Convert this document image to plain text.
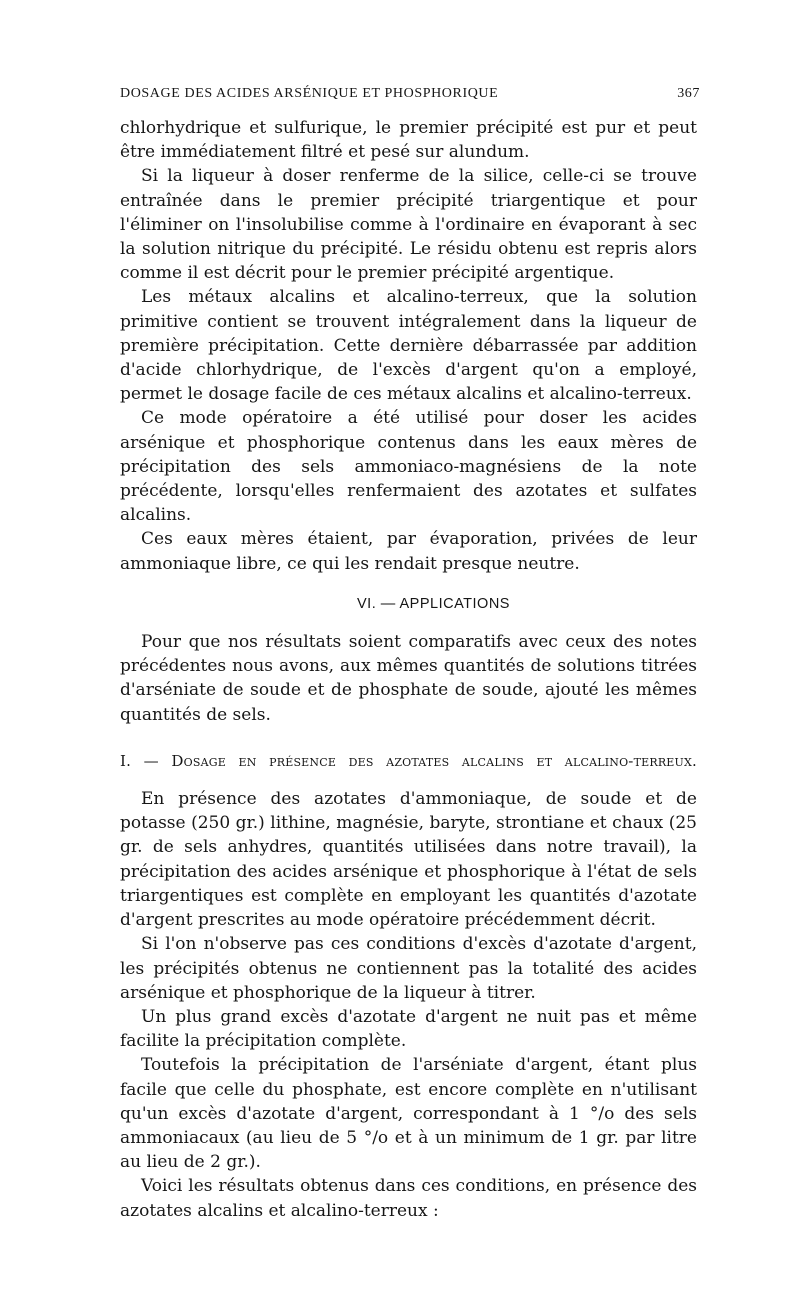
DOSAGE DES ACIDES ARSÉNIQUE ET PHOSPHORIQUE	367

chlorhydrique et sulfurique, le premier précipité est pur et peut être immédiatement filtré et pesé sur alundum.

Si la liqueur à doser renferme de la silice, celle-ci se trouve entraînée dans le premier précipité triargentique et pour l'éliminer on l'insolubilise comme à l'ordinaire en évaporant à sec la solution nitrique du précipité. Le résidu obtenu est repris alors comme il est décrit pour le premier précipité argentique.

Les métaux alcalins et alcalino-terreux, que la solution primitive contient se trouvent intégralement dans la liqueur de première précipitation. Cette dernière débarrassée par addition d'acide chlorhydrique, de l'excès d'argent qu'on a employé, permet le dosage facile de ces métaux alcalins et alcalino-terreux.

Ce mode opératoire a été utilisé pour doser les acides arsénique et phosphorique contenus dans les eaux mères de précipitation des sels ammoniaco-magnésiens de la note précédente, lorsqu'elles renfermaient des azotates et sulfates alcalins.

Ces eaux mères étaient, par évaporation, privées de leur ammoniaque libre, ce qui les rendait presque neutre.

VI. — APPLICATIONS

Pour que nos résultats soient comparatifs avec ceux des notes précédentes nous avons, aux mêmes quantités de solutions titrées d'arséniate de soude et de phosphate de soude, ajouté les mêmes quantités de sels.

I. — Dosage en présence des azotates alcalins et alcalino-terreux.

En présence des azotates d'ammoniaque, de soude et de potasse (250 gr.) lithine, magnésie, baryte, strontiane et chaux (25 gr. de sels anhydres, quantités utilisées dans notre travail), la précipitation des acides arsénique et phosphorique à l'état de sels triargentiques est complète en employant les quantités d'azotate d'argent prescrites au mode opératoire précédemment décrit.

Si l'on n'observe pas ces conditions d'excès d'azotate d'argent, les précipités obtenus ne contiennent pas la totalité des acides arsénique et phosphorique de la liqueur à titrer.

Un plus grand excès d'azotate d'argent ne nuit pas et même facilite la précipitation complète.

Toutefois la précipitation de l'arséniate d'argent, étant plus facile que celle du phosphate, est encore complète en n'utilisant qu'un excès d'azotate d'argent, correspondant à 1 °/o des sels ammoniacaux (au lieu de 5 °/o et à un minimum de 1 gr. par litre au lieu de 2 gr.).

Voici les résultats obtenus dans ces conditions, en présence des azotates alcalins et alcalino-terreux :
